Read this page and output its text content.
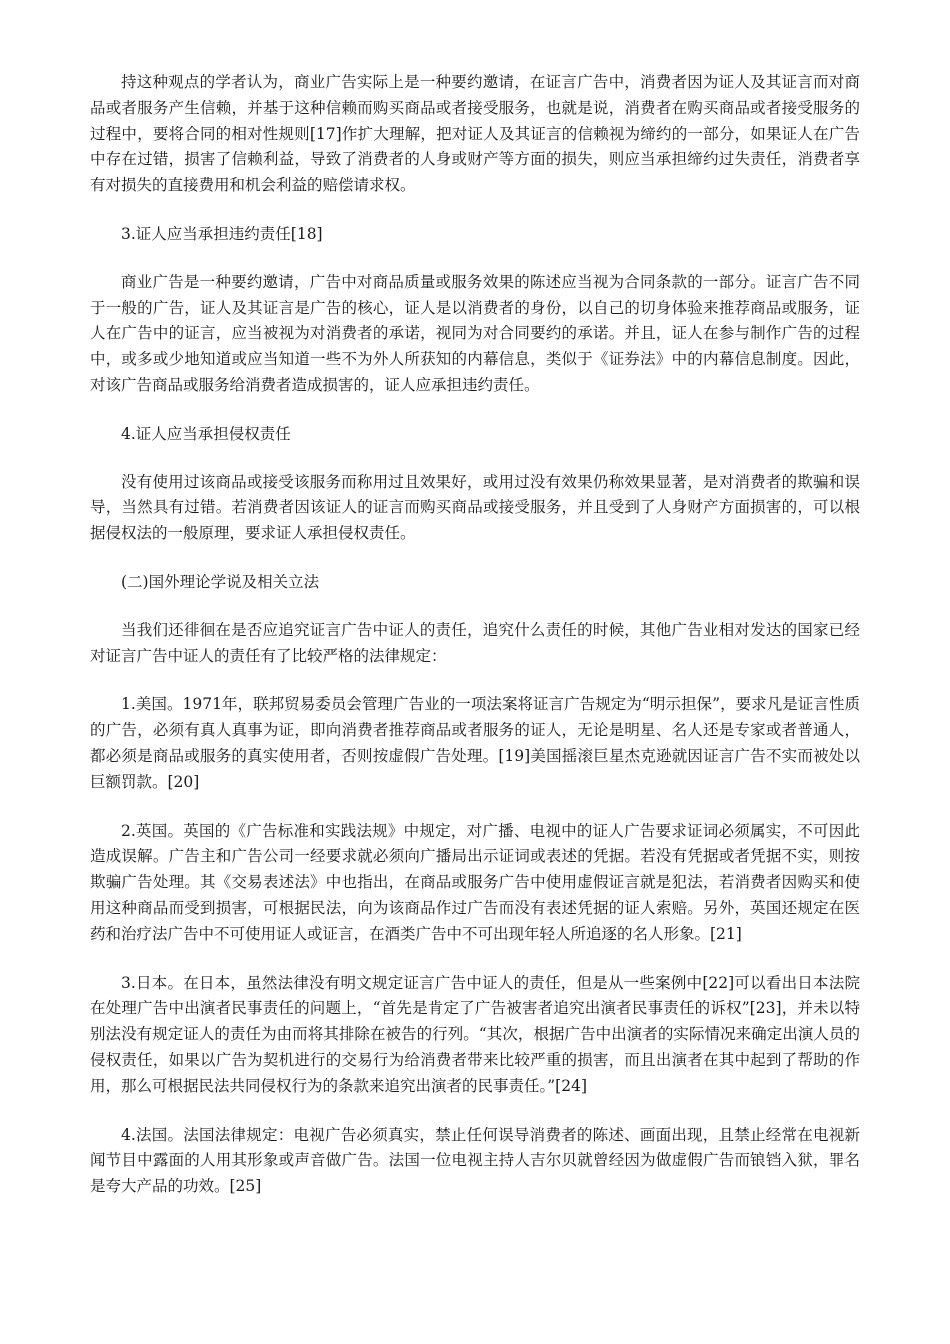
持这种观点的学者认为，商业广告实际上是一种要约邀请，在证言广告中，消费者因为证人及其证言而对商品或者服务产生信赖，并基于这种信赖而购买商品或者接受服务，也就是说，消费者在购买商品或者接受服务的过程中，要将合同的相对性规则[17]作扩大理解，把对证人及其证言的信赖视为缔约的一部分，如果证人在广告中存在过错，损害了信赖利益，导致了消费者的人身或财产等方面的损失，则应当承担缔约过失责任，消费者享有对损失的直接费用和机会利益的赔偿请求权。

3.证人应当承担违约责任[18]

商业广告是一种要约邀请，广告中对商品质量或服务效果的陈述应当视为合同条款的一部分。证言广告不同于一般的广告，证人及其证言是广告的核心，证人是以消费者的身份，以自己的切身体验来推荐商品或服务，证人在广告中的证言，应当被视为对消费者的承诺，视同为对合同要约的承诺。并且，证人在参与制作广告的过程中，或多或少地知道或应当知道一些不为外人所获知的内幕信息，类似于《证券法》中的内幕信息制度。因此，对该广告商品或服务给消费者造成损害的，证人应承担违约责任。

4.证人应当承担侵权责任

没有使用过该商品或接受该服务而称用过且效果好，或用过没有效果仍称效果显著，是对消费者的欺骗和误导，当然具有过错。若消费者因该证人的证言而购买商品或接受服务，并且受到了人身财产方面损害的，可以根据侵权法的一般原理，要求证人承担侵权责任。

(二)国外理论学说及相关立法

当我们还徘徊在是否应追究证言广告中证人的责任，追究什么责任的时候，其他广告业相对发达的国家已经对证言广告中证人的责任有了比较严格的法律规定：

1.美国。1971年，联邦贸易委员会管理广告业的一项法案将证言广告规定为“明示担保”，要求凡是证言性质的广告，必须有真人真事为证，即向消费者推荐商品或者服务的证人，无论是明星、名人还是专家或者普通人，都必须是商品或服务的真实使用者，否则按虚假广告处理。[19]美国摇滚巨星杰克逊就因证言广告不实而被处以巨额罚款。[20]

2.英国。英国的《广告标准和实践法规》中规定，对广播、电视中的证人广告要求证词必须属实，不可因此造成误解。广告主和广告公司一经要求就必须向广播局出示证词或表述的凭据。若没有凭据或者凭据不实，则按欺骗广告处理。其《交易表述法》中也指出，在商品或服务广告中使用虚假证言就是犯法，若消费者因购买和使用这种商品而受到损害，可根据民法，向为该商品作过广告而没有表述凭据的证人索赔。另外，英国还规定在医药和治疗法广告中不可使用证人或证言，在酒类广告中不可出现年轻人所追逐的名人形象。[21]

3.日本。在日本，虽然法律没有明文规定证言广告中证人的责任，但是从一些案例中[22]可以看出日本法院在处理广告中出演者民事责任的问题上，“首先是肯定了广告被害者追究出演者民事责任的诉权”[23]，并未以特别法没有规定证人的责任为由而将其排除在被告的行列。“其次，根据广告中出演者的实际情况来确定出演人员的侵权责任，如果以广告为契机进行的交易行为给消费者带来比较严重的损害，而且出演者在其中起到了帮助的作用，那么可根据民法共同侵权行为的条款来追究出演者的民事责任。”[24]

4.法国。法国法律规定：电视广告必须真实，禁止任何误导消费者的陈述、画面出现，且禁止经常在电视新闻节目中露面的人用其形象或声音做广告。法国一位电视主持人吉尔贝就曾经因为做虚假广告而锒铛入狱，罪名是夸大产品的功效。[25]
